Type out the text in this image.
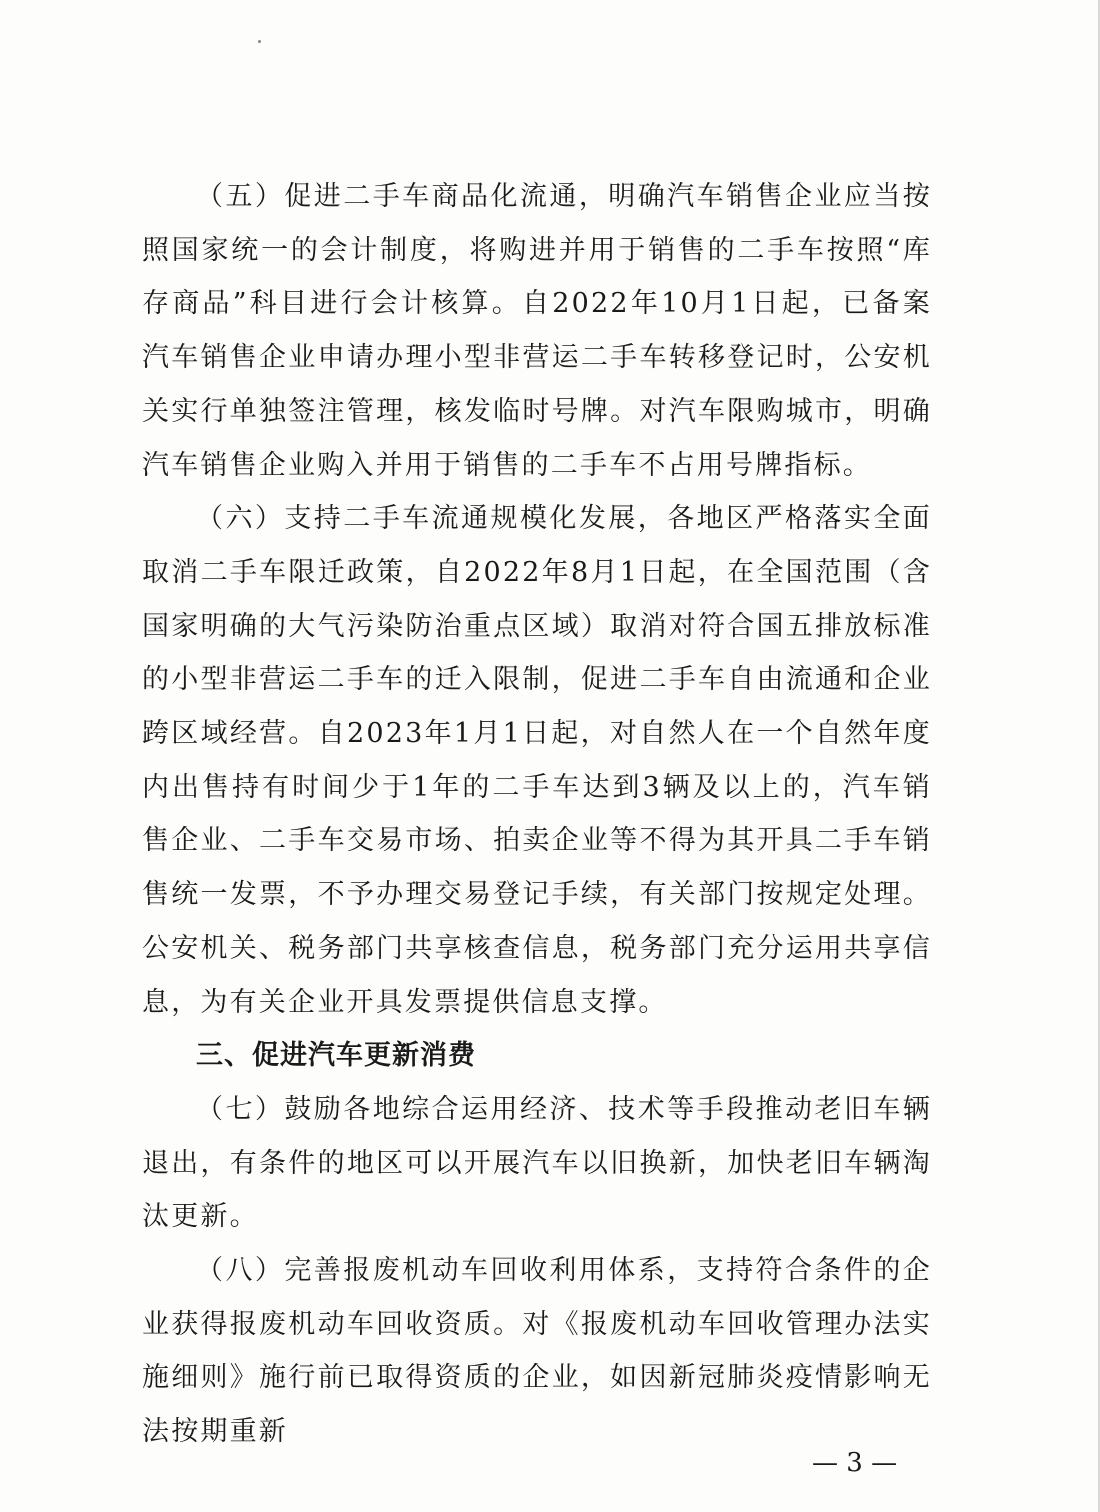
（五）促进二手车商品化流通，明确汽车销售企业应当按照国家统一的会计制度，将购进并用于销售的二手车按照“库存商品”科目进行会计核算。自2022年10月1日起，已备案汽车销售企业申请办理小型非营运二手车转移登记时，公安机关实行单独签注管理，核发临时号牌。对汽车限购城市，明确汽车销售企业购入并用于销售的二手车不占用号牌指标。

（六）支持二手车流通规模化发展，各地区严格落实全面取消二手车限迁政策，自2022年8月1日起，在全国范围（含国家明确的大气污染防治重点区域）取消对符合国五排放标准的小型非营运二手车的迁入限制，促进二手车自由流通和企业跨区域经营。自2023年1月1日起，对自然人在一个自然年度内出售持有时间少于1年的二手车达到3辆及以上的，汽车销售企业、二手车交易市场、拍卖企业等不得为其开具二手车销售统一发票，不予办理交易登记手续，有关部门按规定处理。公安机关、税务部门共享核查信息，税务部门充分运用共享信息，为有关企业开具发票提供信息支撑。

三、促进汽车更新消费

（七）鼓励各地综合运用经济、技术等手段推动老旧车辆退出，有条件的地区可以开展汽车以旧换新，加快老旧车辆淘汰更新。

（八）完善报废机动车回收利用体系，支持符合条件的企业获得报废机动车回收资质。对《报废机动车回收管理办法实施细则》施行前已取得资质的企业，如因新冠肺炎疫情影响无法按期重新

— 3 —
